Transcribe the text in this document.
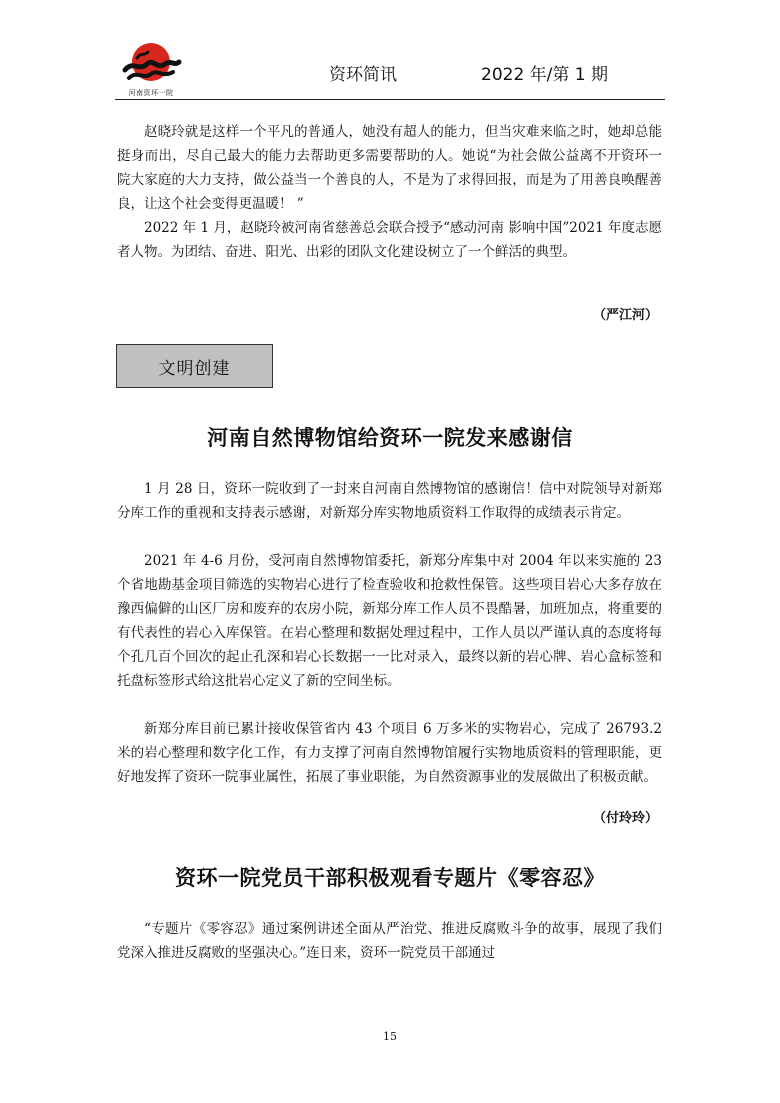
河南资环一院
资环简讯	2022 年/第 1 期

赵晓玲就是这样一个平凡的普通人，她没有超人的能力，但当灾难来临之时，她却总能挺身而出，尽自己最大的能力去帮助更多需要帮助的人。她说“为社会做公益离不开资环一院大家庭的大力支持，做公益当一个善良的人，不是为了求得回报，而是为了用善良唤醒善良，让这个社会变得更温暖！ ”

2022 年 1 月，赵晓玲被河南省慈善总会联合授予“感动河南 影响中国”2021 年度志愿者人物。为团结、奋进、阳光、出彩的团队文化建设树立了一个鲜活的典型。

（严江河）
文明创建
河南自然博物馆给资环一院发来感谢信

1 月 28 日，资环一院收到了一封来自河南自然博物馆的感谢信！信中对院领导对新郑分库工作的重视和支持表示感谢，对新郑分库实物地质资料工作取得的成绩表示肯定。

2021 年 4-6 月份，受河南自然博物馆委托，新郑分库集中对 2004 年以来实施的 23 个省地勘基金项目筛选的实物岩心进行了检查验收和抢救性保管。这些项目岩心大多存放在豫西偏僻的山区厂房和废弃的农房小院，新郑分库工作人员不畏酷暑，加班加点，将重要的有代表性的岩心入库保管。在岩心整理和数据处理过程中，工作人员以严谨认真的态度将每个孔几百个回次的起止孔深和岩心长数据一一比对录入，最终以新的岩心牌、岩心盒标签和托盘标签形式给这批岩心定义了新的空间坐标。

新郑分库目前已累计接收保管省内 43 个项目 6 万多米的实物岩心，完成了 26793.2 米的岩心整理和数字化工作，有力支撑了河南自然博物馆履行实物地质资料的管理职能，更好地发挥了资环一院事业属性，拓展了事业职能，为自然资源事业的发展做出了积极贡献。

（付玲玲）
资环一院党员干部积极观看专题片《零容忍》

“专题片《零容忍》通过案例讲述全面从严治党、推进反腐败斗争的故事，展现了我们党深入推进反腐败的坚强决心。”连日来，资环一院党员干部通过

15
